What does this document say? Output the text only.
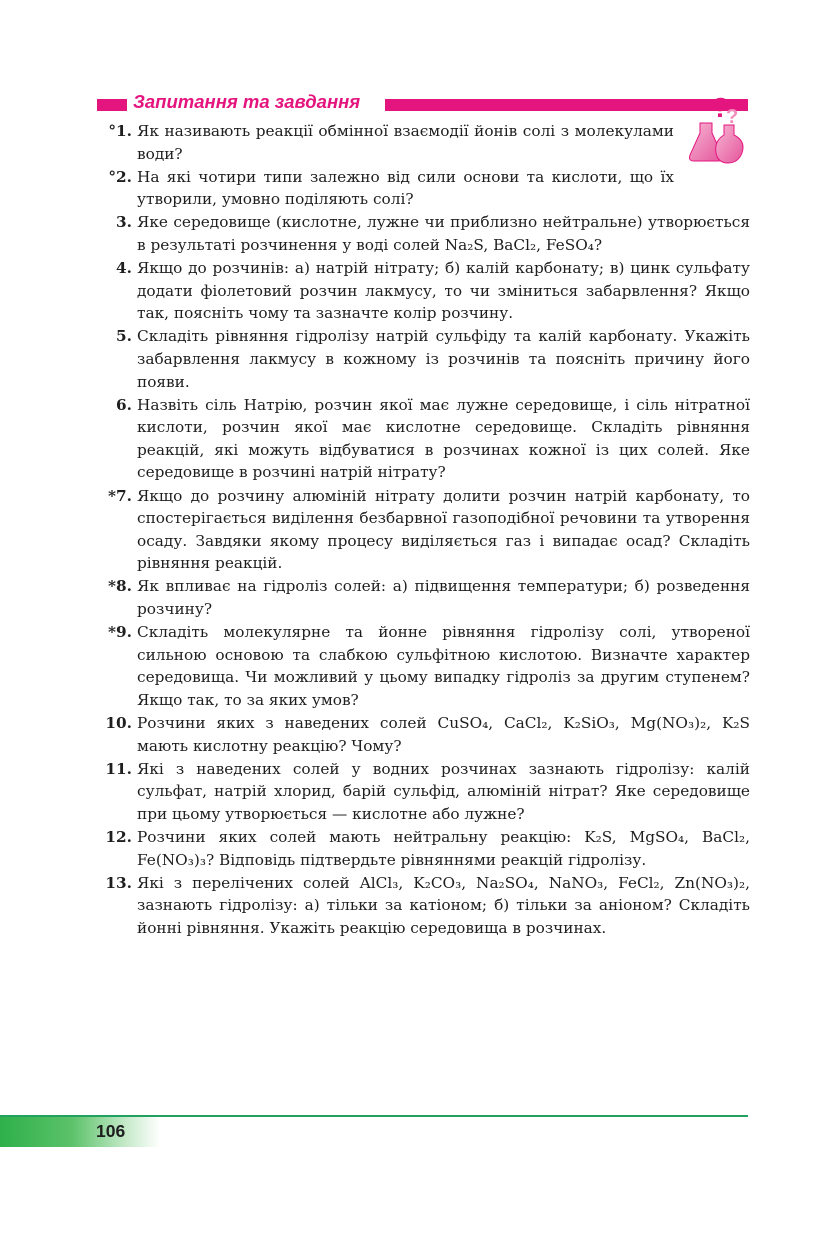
Запитання та завдання	?
?
°1. Як називають реакції обмінної взаємодії йонів солі з молекулами води?
°2. На які чотири типи залежно від сили основи та кислоти, що їх утворили, умовно поділяють солі?
3. Яке середовище (кислотне, лужне чи приблизно нейтральне) утворюється в результаті розчинення у воді солей Na₂S, BaCl₂, FeSO₄?
4. Якщо до розчинів: а) натрій нітрату; б) калій карбонату; в) цинк сульфату додати фіолетовий розчин лакмусу, то чи зміниться забарвлення? Якщо так, поясніть чому та зазначте колір розчину.
5. Складіть рівняння гідролізу натрій сульфіду та калій карбонату. Укажіть забарвлення лакмусу в кожному із розчинів та поясніть причину його появи.
6. Назвіть сіль Натрію, розчин якої має лужне середовище, і сіль нітратної кислоти, розчин якої має кислотне середовище. Складіть рівняння реакцій, які можуть відбуватися в розчинах кожної із цих солей. Яке середовище в розчині натрій нітрату?
*7. Якщо до розчину алюміній нітрату долити розчин натрій карбонату, то спостерігається виділення безбарвної газоподібної речовини та утворення осаду. Завдяки якому процесу виділяється газ і випадає осад? Складіть рівняння реакцій.
*8. Як впливає на гідроліз солей: а) підвищення температури; б) розведення розчину?
*9. Складіть молекулярне та йонне рівняння гідролізу солі, утвореної сильною основою та слабкою сульфітною кислотою. Визначте характер середовища. Чи можливий у цьому випадку гідроліз за другим ступенем? Якщо так, то за яких умов?
10. Розчини яких з наведених солей CuSO₄, CaCl₂, K₂SiO₃, Mg(NO₃)₂, K₂S мають кислотну реакцію? Чому?
11. Які з наведених солей у водних розчинах зазнають гідролізу: калій сульфат, натрій хлорид, барій сульфід, алюміній нітрат? Яке середовище при цьому утворюється — кислотне або лужне?
12. Розчини яких солей мають нейтральну реакцію: K₂S, MgSO₄, BaCl₂, Fe(NO₃)₃? Відповідь підтвердьте рівняннями реакцій гідролізу.
13. Які з перелічених солей AlCl₃, K₂CO₃, Na₂SO₄, NaNO₃, FeCl₂, Zn(NO₃)₂, зазнають гідролізу: а) тільки за катіоном; б) тільки за аніоном? Складіть йонні рівняння. Укажіть реакцію середовища в розчинах.
106
